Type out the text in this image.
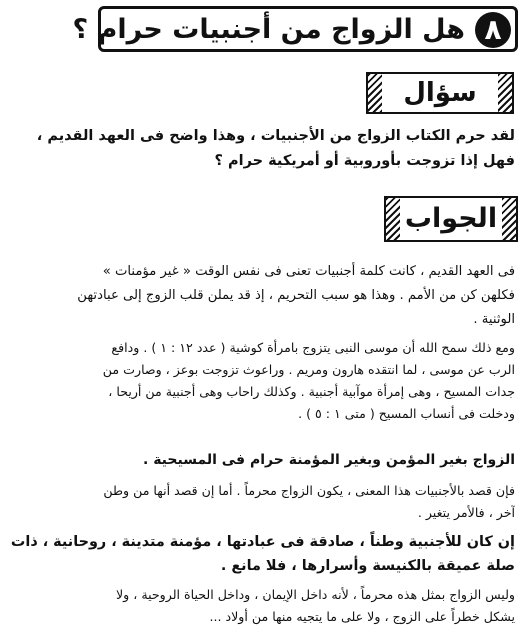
٨
هل الزواج من أجنبيات حرام ؟
سؤال
لقد حرم الكتاب الزواج من الأجنبيات ، وهذا واضح فى العهد القديم ،
فهل إذا تزوجت بأوروبية أو أمريكية حرام ؟
الجواب
فى العهد القديم ، كانت كلمة أجنبيات تعنى فى نفس الوقت « غير مؤمنات »
فكلهن كن من الأمم . وهذا هو سبب التحريم ، إذ قد يملن قلب الزوج إلى عبادتهن
الوثنية .
ومع ذلك سمح الله أن موسى النبى يتزوج بامرأة كوشية ( عدد ١٢ : ١ ) . ودافع
الرب عن موسى ، لما انتقده هارون ومريم . وراعوث تزوجت بوعز ، وصارت من
جدات المسيح ، وهى إمرأة موآبية أجنبية . وكذلك راحاب وهى أجنبية من أريحا ،
ودخلت فى أنساب المسيح ( متى ١ : ٥ ) .
الزواج بغير المؤمن وبغير المؤمنة حرام فى المسيحية .
فإن قصد بالأجنبيات هذا المعنى ، يكون الزواج محرماً . أما إن قصد أنها من وطن
آخر ، فالأمر يتغير .
إن كان للأجنبية وطناً ، صادقة فى عبادتها ، مؤمنة متدينة ، روحانية ، ذات
صلة عميقة بالكنيسة وأسرارها ، فلا مانع .
وليس الزواج بمثل هذه محرماً ، لأنه داخل الإيمان ، وداخل الحياة الروحية ، ولا
يشكل خطراً على الزوج ، ولا على ما يتجيه منها من أولاد ...
